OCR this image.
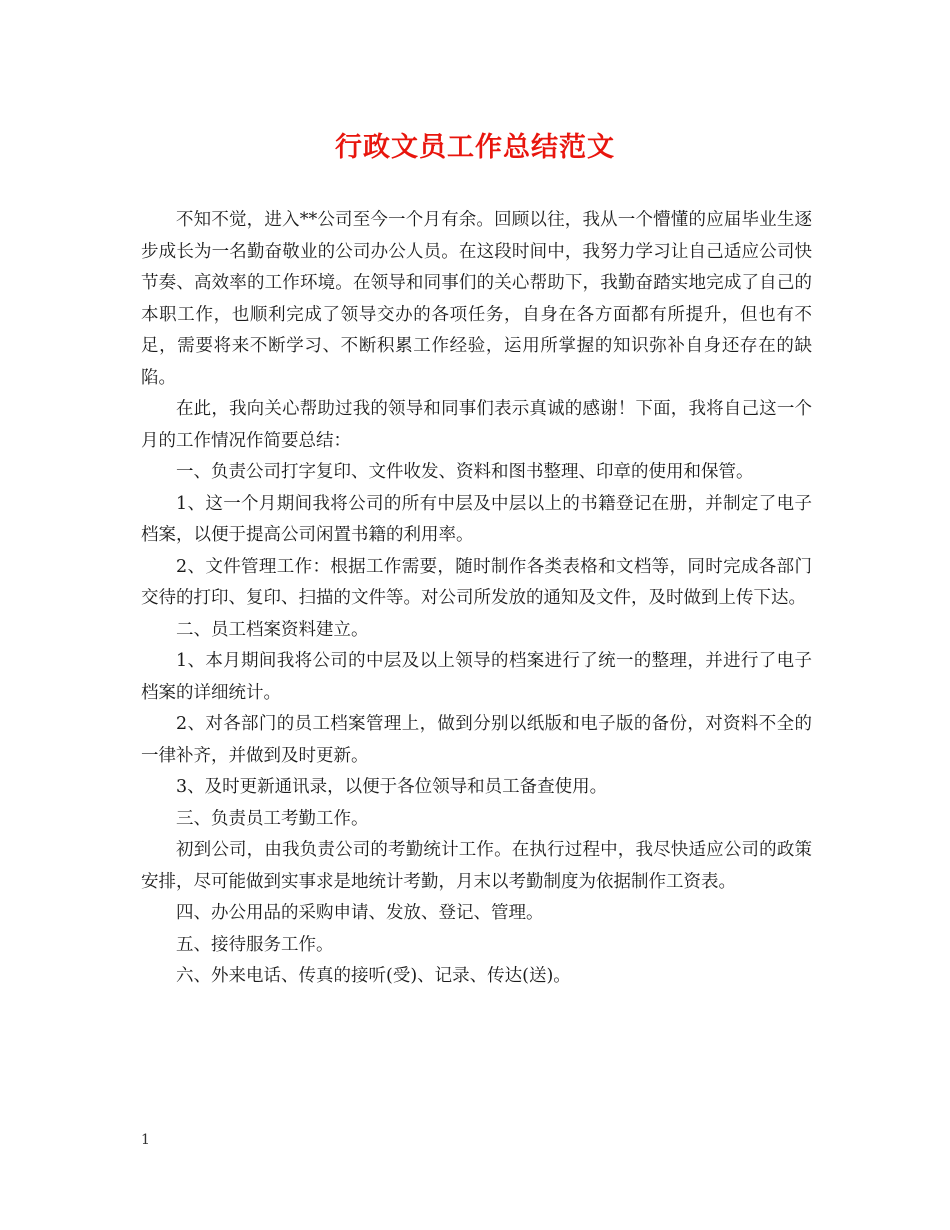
行政文员工作总结范文

不知不觉，进入**公司至今一个月有余。回顾以往，我从一个懵懂的应届毕业生逐步成长为一名勤奋敬业的公司办公人员。在这段时间中，我努力学习让自己适应公司快节奏、高效率的工作环境。在领导和同事们的关心帮助下，我勤奋踏实地完成了自己的本职工作，也顺利完成了领导交办的各项任务，自身在各方面都有所提升，但也有不足，需要将来不断学习、不断积累工作经验，运用所掌握的知识弥补自身还存在的缺陷。

在此，我向关心帮助过我的领导和同事们表示真诚的感谢！下面，我将自己这一个月的工作情况作简要总结：

一、负责公司打字复印、文件收发、资料和图书整理、印章的使用和保管。

1、这一个月期间我将公司的所有中层及中层以上的书籍登记在册，并制定了电子档案，以便于提高公司闲置书籍的利用率。

2、文件管理工作：根据工作需要，随时制作各类表格和文档等，同时完成各部门交待的打印、复印、扫描的文件等。对公司所发放的通知及文件，及时做到上传下达。

二、员工档案资料建立。

1、本月期间我将公司的中层及以上领导的档案进行了统一的整理，并进行了电子档案的详细统计。

2、对各部门的员工档案管理上，做到分别以纸版和电子版的备份，对资料不全的一律补齐，并做到及时更新。

3、及时更新通讯录，以便于各位领导和员工备查使用。

三、负责员工考勤工作。

初到公司，由我负责公司的考勤统计工作。在执行过程中，我尽快适应公司的政策安排，尽可能做到实事求是地统计考勤，月末以考勤制度为依据制作工资表。

四、办公用品的采购申请、发放、登记、管理。

五、接待服务工作。

六、外来电话、传真的接听(受)、记录、传达(送)。

1
